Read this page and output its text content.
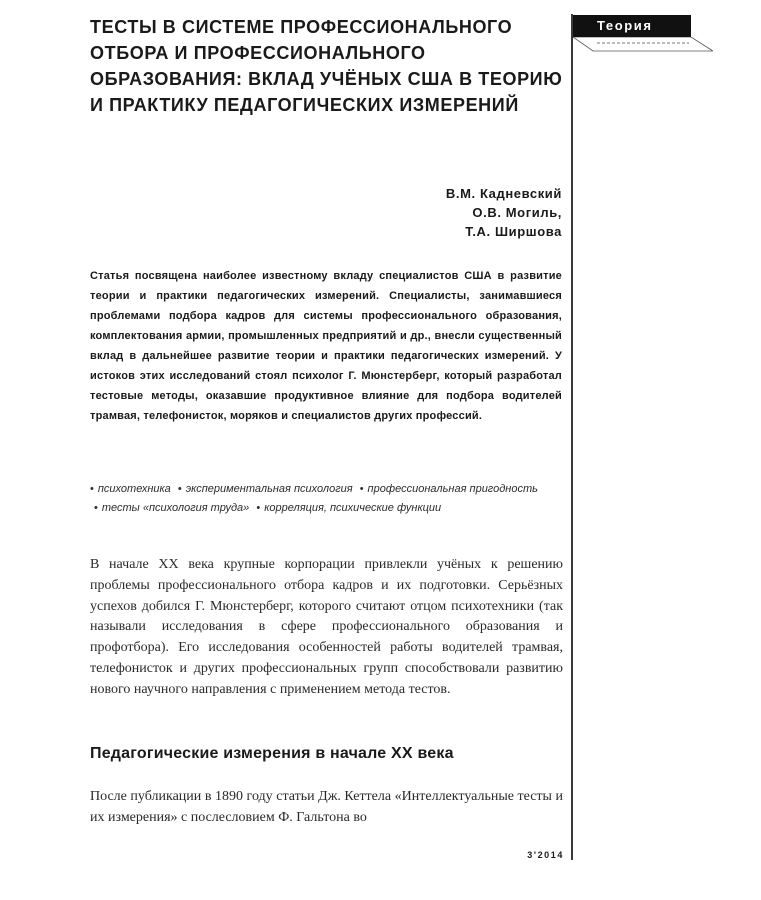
ТЕСТЫ В СИСТЕМЕ ПРОФЕССИОНАЛЬНОГО ОТБОРА И ПРОФЕССИОНАЛЬНОГО ОБРАЗОВАНИЯ: ВКЛАД УЧЁНЫХ США В ТЕОРИЮ И ПРАКТИКУ ПЕДАГОГИЧЕСКИХ ИЗМЕРЕНИЙ
Теория
В.М. Кадневский
О.В. Могиль,
Т.А. Ширшова

Статья посвящена наиболее известному вкладу специалистов США в развитие теории и практики педагогических измерений. Специалисты, занимавшиеся проблемами подбора кадров для системы профессионального образования, комплектования армии, промышленных предприятий и др., внесли существенный вклад в дальнейшее развитие теории и практики педагогических измерений. У истоков этих исследований стоял психолог Г. Мюнстерберг, который разработал тестовые методы, оказавшие продуктивное влияние для подбора водителей трамвая, телефонисток, моряков и специалистов других профессий.

• психотехника • экспериментальная психология • профессиональная пригодность • тесты «психология труда» • корреляция, психические функции

В начале XX века крупные корпорации привлекли учёных к решению проблемы профессионального отбора кадров и их подготовки. Серьёзных успехов добился Г. Мюнстерберг, которого считают отцом психотехники (так называли исследования в сфере профессионального образования и профотбора). Его исследования особенностей работы водителей трамвая, телефонисток и других профессиональных групп способствовали развитию нового научного направления с применением метода тестов.

Педагогические измерения в начале XX века

После публикации в 1890 году статьи Дж. Кеттела «Интеллектуальные тесты и их измерения» с послесловием Ф. Гальтона во

3'2014
